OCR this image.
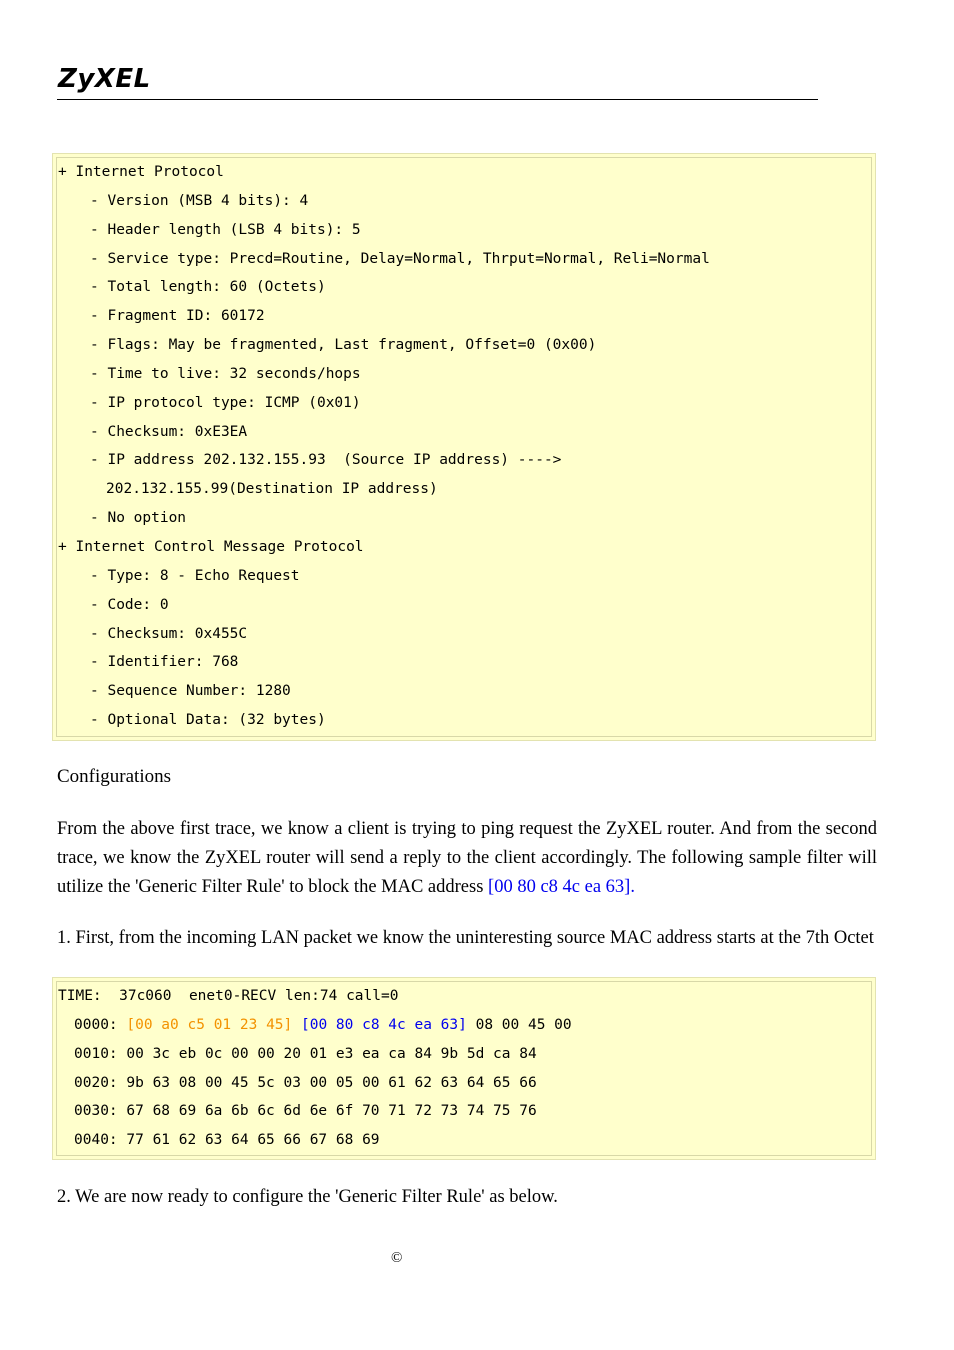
ZyXEL
+ Internet Protocol
- Version (MSB 4 bits): 4
- Header length (LSB 4 bits): 5
- Service type: Precd=Routine, Delay=Normal, Thrput=Normal, Reli=Normal
- Total length: 60 (Octets)
- Fragment ID: 60172
- Flags: May be fragmented, Last fragment, Offset=0 (0x00)
- Time to live: 32 seconds/hops
- IP protocol type: ICMP (0x01)
- Checksum: 0xE3EA
- IP address 202.132.155.93  (Source IP address) ---->
202.132.155.99(Destination IP address)
- No option
+ Internet Control Message Protocol
- Type: 8 - Echo Request
- Code: 0
- Checksum: 0x455C
- Identifier: 768
- Sequence Number: 1280
- Optional Data: (32 bytes)
Configurations
From the above first trace, we know a client is trying to ping request the ZyXEL router. And from the second trace, we know the ZyXEL router will send a reply to the client accordingly. The following sample filter will utilize the 'Generic Filter Rule' to block the MAC address [00 80 c8 4c ea 63].
1. First, from the incoming LAN packet we know the uninteresting source MAC address starts at the 7th Octet
TIME:  37c060  enet0-RECV len:74 call=0
0000: [00 a0 c5 01 23 45] [00 80 c8 4c ea 63] 08 00 45 00
0010: 00 3c eb 0c 00 00 20 01 e3 ea ca 84 9b 5d ca 84
0020: 9b 63 08 00 45 5c 03 00 05 00 61 62 63 64 65 66
0030: 67 68 69 6a 6b 6c 6d 6e 6f 70 71 72 73 74 75 76
0040: 77 61 62 63 64 65 66 67 68 69
2. We are now ready to configure the 'Generic Filter Rule' as below.
©
